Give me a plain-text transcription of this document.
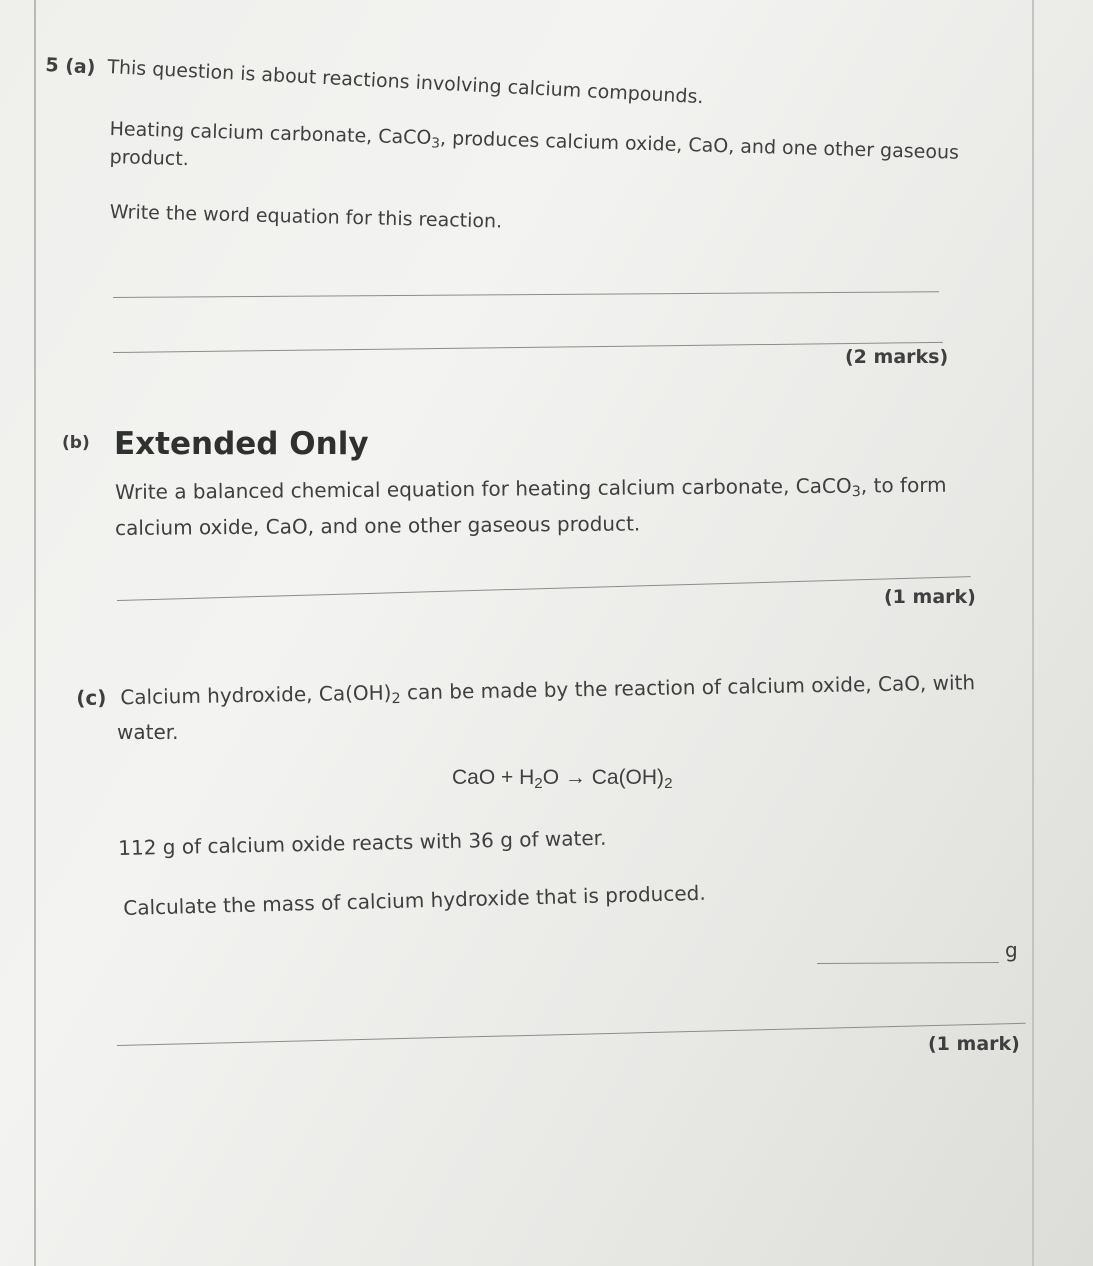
5 (a) This question is about reactions involving calcium compounds.
Heating calcium carbonate, CaCO$_3$, produces calcium oxide, CaO, and one other gaseous
product.
Write the word equation for this reaction.
(2 marks)
(b) Extended Only
Write a balanced chemical equation for heating calcium carbonate, CaCO$_3$, to form
calcium oxide, CaO, and one other gaseous product.
(1 mark)
(c) Calcium hydroxide, $Ca(OH)_2$ can be made by the reaction of calcium oxide, CaO, with
water.
CaO + $H_2O \to Ca(OH)_2$
112 g of calcium oxide reacts with 36 g of water.
Calculate the mass of calcium hydroxide that is produced.
g
(1 mark)
